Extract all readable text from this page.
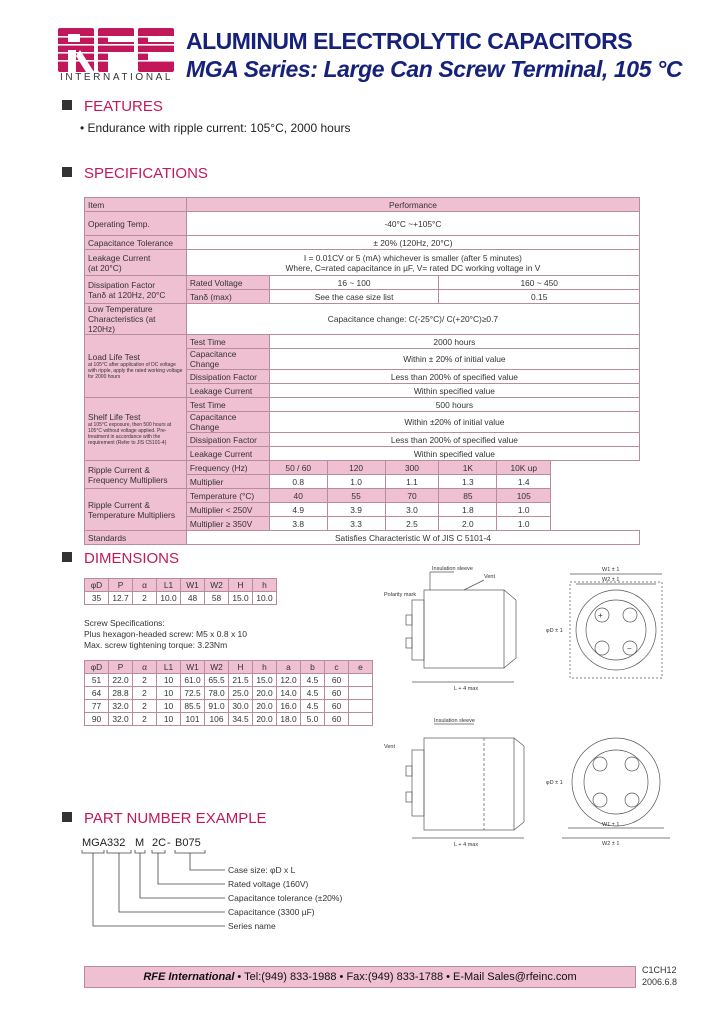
INTERNATIONAL
ALUMINUM ELECTROLYTIC CAPACITORS
MGA Series: Large Can Screw Terminal, 105 °C
FEATURES
• Endurance with ripple current: 105°C, 2000 hours
SPECIFICATIONS
Item	Performance						
Operating Temp.	-40°C ~+105°C						
Capacitance Tolerance	± 20% (120Hz, 20°C)						
Leakage Current
(at 20°C)	I = 0.01CV or 5 (mA) whichever is smaller (after 5 minutes)
Where, C=rated capacitance in µF, V= rated DC working voltage in V						
Dissipation Factor
Tanδ at 120Hz, 20°C	Rated Voltage	16 ~ 100			160 ~ 450		
	Tanδ (max)	See the case size list			0.15		
Low Temperature
Characteristics (at 120Hz)	Capacitance change: C(-25°C)/ C(+20°C)≥0.7						
Load Life Test
at 105°C after application of DC voltage with ripple, apply the rated working voltage for 2000 hours	Test Time	2000 hours					
	Capacitance Change	Within ± 20% of initial value					
	Dissipation Factor	Less than 200% of specified value					
	Leakage Current	Within specified value					
Shelf Life Test
at 105°C exposure, then 500 hours at 105°C without voltage applied. Pre-treatment in accordance with the requirement (Refer to JIS C5101-4)	Test Time	500 hours					
	Capacitance Change	Within ±20% of initial value					
	Dissipation Factor	Less than 200% of specified value					
	Leakage Current	Within specified value					
Ripple Current &
Frequency Multipliers	Frequency (Hz)	50 / 60	120	300	1K	10K up	
	Multiplier	0.8	1.0	1.1	1.3	1.4	
Ripple Current &
Temperature Multipliers	Temperature (°C)	40	55	70	85	105	
	Multiplier < 250V	4.9	3.9	3.0	1.8	1.0	
	Multiplier ≥ 350V	3.8	3.3	2.5	2.0	1.0	
Standards	Satisfies Characteristic W of JIS C 5101-4						
DIMENSIONS
φD	P	α	L1	W1	W2	H	h
35	12.7	2	10.0	48	58	15.0	10.0
Screw Specifications:
Plus hexagon-headed screw: M5 x 0.8 x 10
Max. screw tightening torque: 3.23Nm
φD	P	α	L1	W1	W2	H	h	a	b	c	e
51	22.0	2	10	61.0	65.5	21.5	15.0	12.0	4.5	60	
64	28.8	2	10	72.5	78.0	25.0	20.0	14.0	4.5	60	
77	32.0	2	10	85.5	91.0	30.0	20.0	16.0	4.5	60	
90	32.0	2	10	101	106	34.5	20.0	18.0	5.0	60	
Insulation sleeve
Polarity mark
Vent
L + 4 max
W1 ± 1
W2 ± 1
φD ± 1
+
−
Insulation sleeve
Vent
L + 4 max
W1 ± 1
W2 ± 1
φD ± 1
PART NUMBER EXAMPLE
MGA 332 M 2C - B075
Case size: φD x L
Rated voltage (160V)
Capacitance tolerance (±20%)
Capacitance (3300 µF)
Series name
RFE International • Tel:(949) 833-1988 • Fax:(949) 833-1788 • E-Mail Sales@rfeinc.com
C1CH12
2006.6.8
